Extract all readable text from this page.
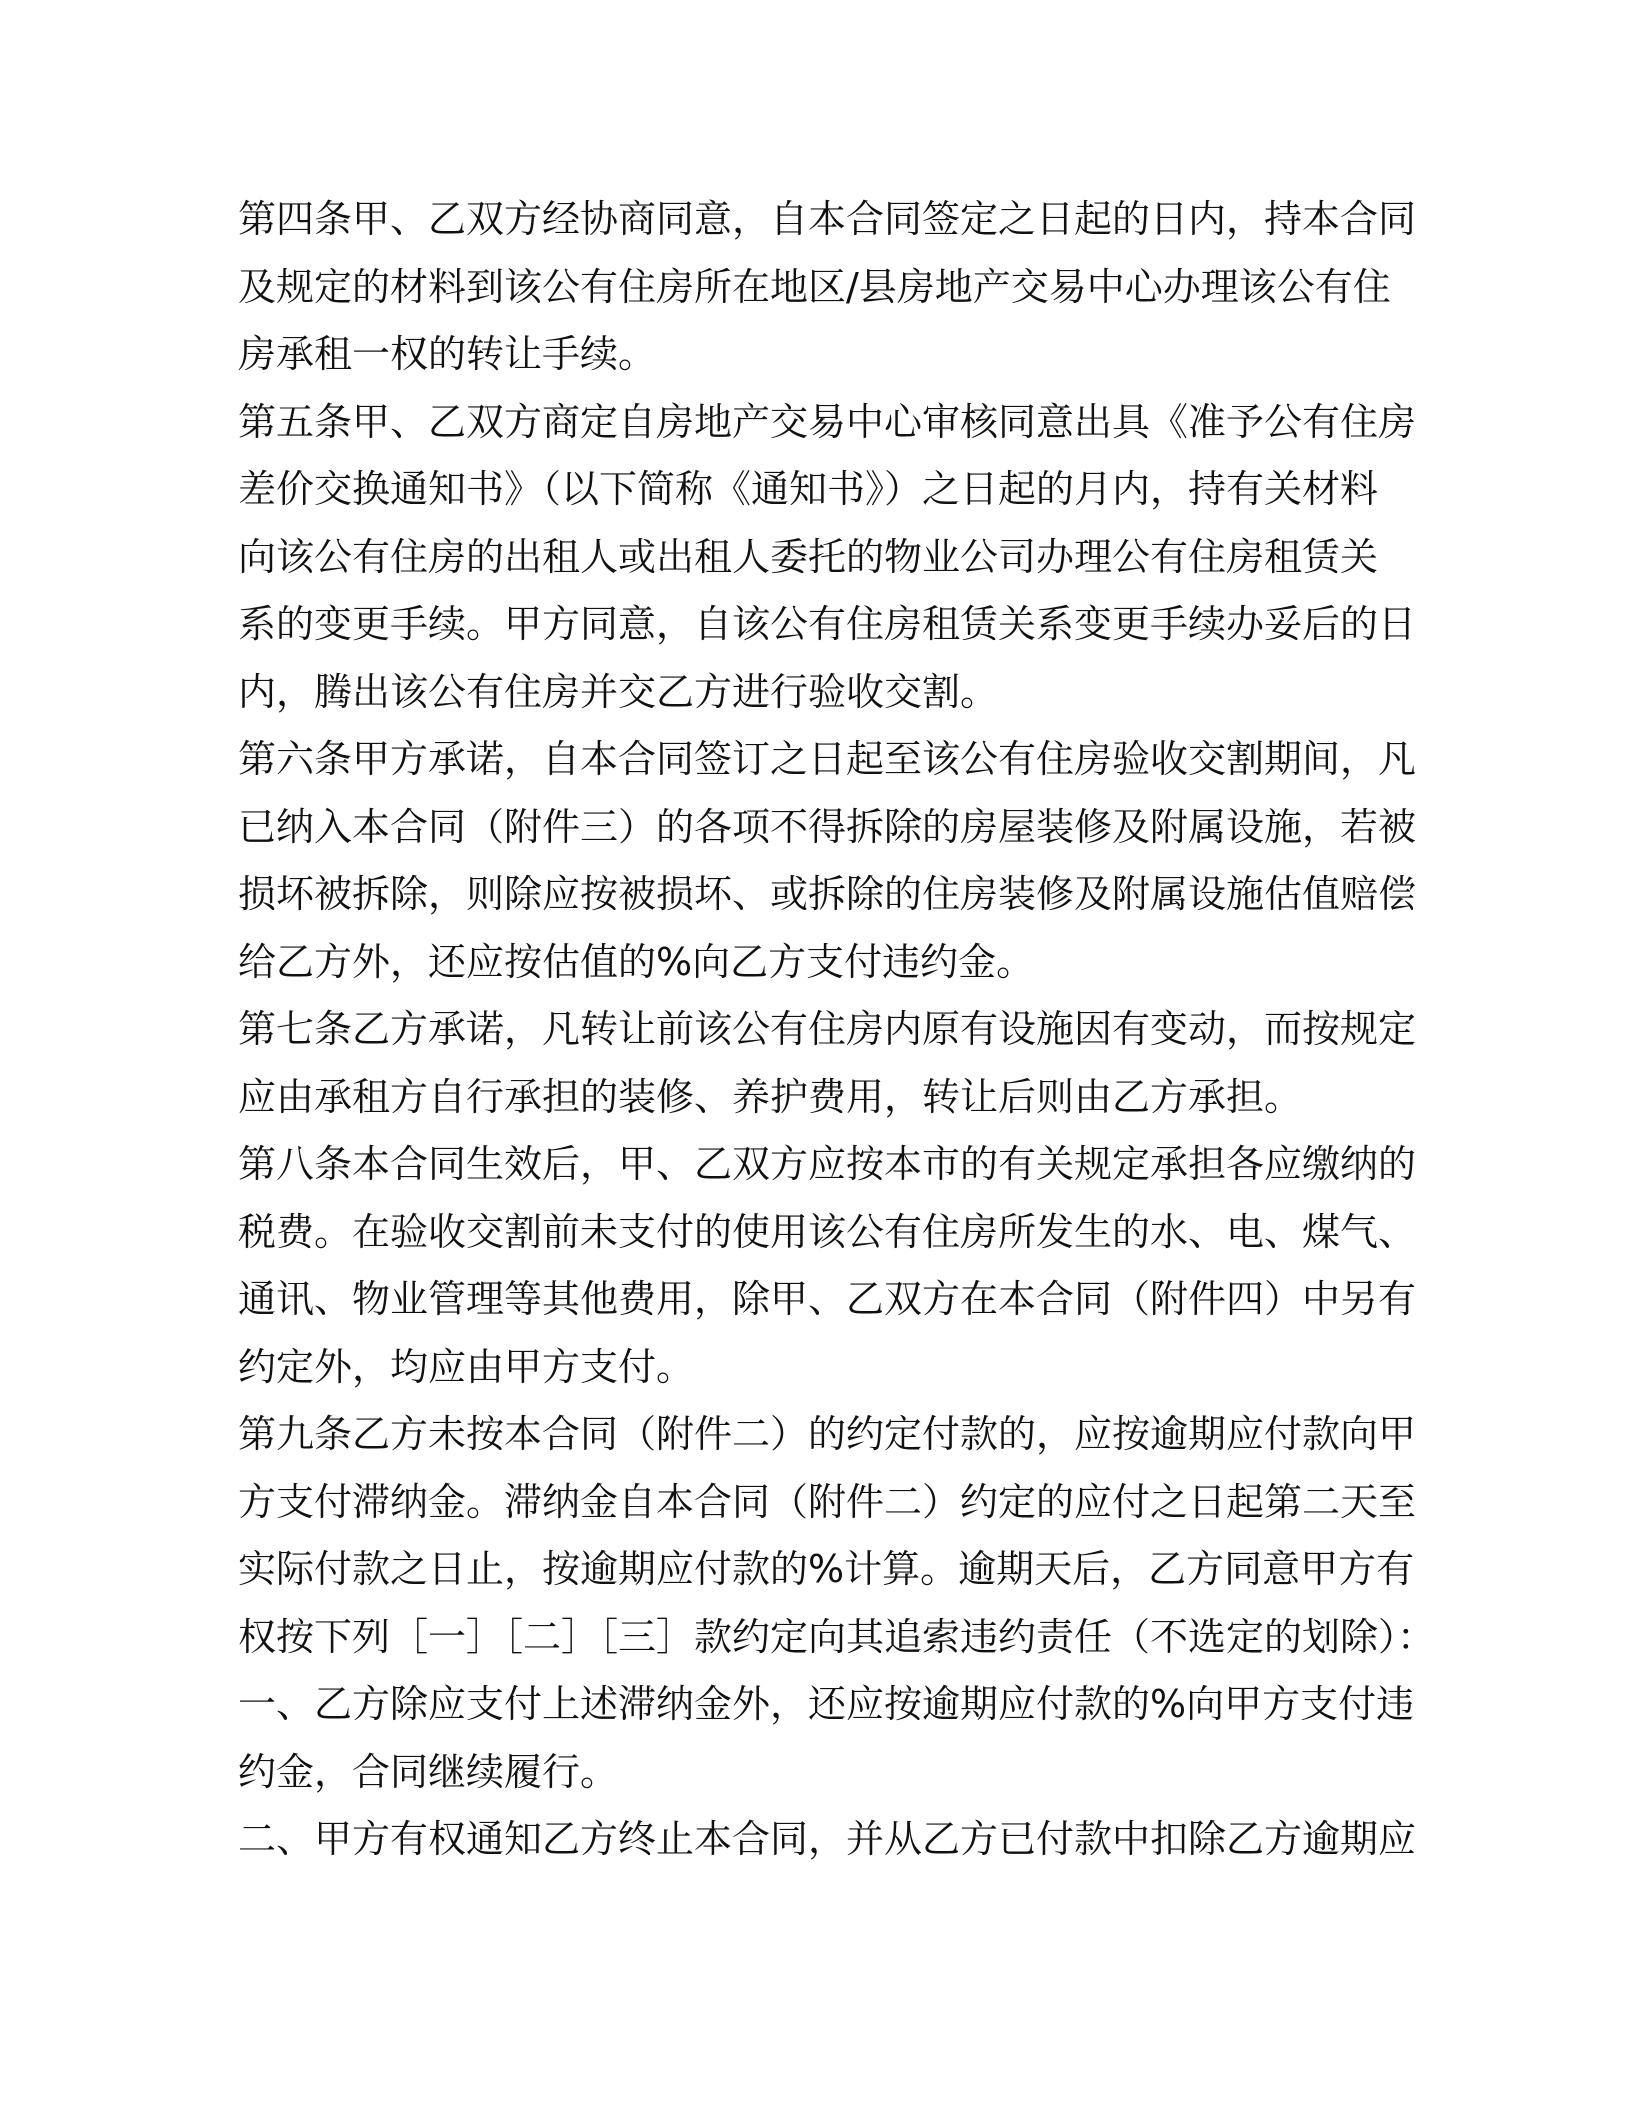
第四条甲、乙双方经协商同意，自本合同签定之日起的日内，持本合同
及规定的材料到该公有住房所在地区/县房地产交易中心办理该公有住
房承租一权的转让手续。
第五条甲、乙双方商定自房地产交易中心审核同意出具《准予公有住房
差价交换通知书》（以下简称《通知书》）之日起的月内，持有关材料
向该公有住房的出租人或出租人委托的物业公司办理公有住房租赁关
系的变更手续。甲方同意，自该公有住房租赁关系变更手续办妥后的日
内，腾出该公有住房并交乙方进行验收交割。
第六条甲方承诺，自本合同签订之日起至该公有住房验收交割期间，凡
已纳入本合同（附件三）的各项不得拆除的房屋装修及附属设施，若被
损坏被拆除，则除应按被损坏、或拆除的住房装修及附属设施估值赔偿
给乙方外，还应按估值的%向乙方支付违约金。
第七条乙方承诺，凡转让前该公有住房内原有设施因有变动，而按规定
应由承租方自行承担的装修、养护费用，转让后则由乙方承担。
第八条本合同生效后，甲、乙双方应按本市的有关规定承担各应缴纳的
税费。在验收交割前未支付的使用该公有住房所发生的水、电、煤气、
通讯、物业管理等其他费用，除甲、乙双方在本合同（附件四）中另有
约定外，均应由甲方支付。
第九条乙方未按本合同（附件二）的约定付款的，应按逾期应付款向甲
方支付滞纳金。滞纳金自本合同（附件二）约定的应付之日起第二天至
实际付款之日止，按逾期应付款的%计算。逾期天后，乙方同意甲方有
权按下列［一］［二］［三］款约定向其追索违约责任（不选定的划除）：
一、乙方除应支付上述滞纳金外，还应按逾期应付款的%向甲方支付违
约金，合同继续履行。
二、甲方有权通知乙方终止本合同，并从乙方已付款中扣除乙方逾期应
